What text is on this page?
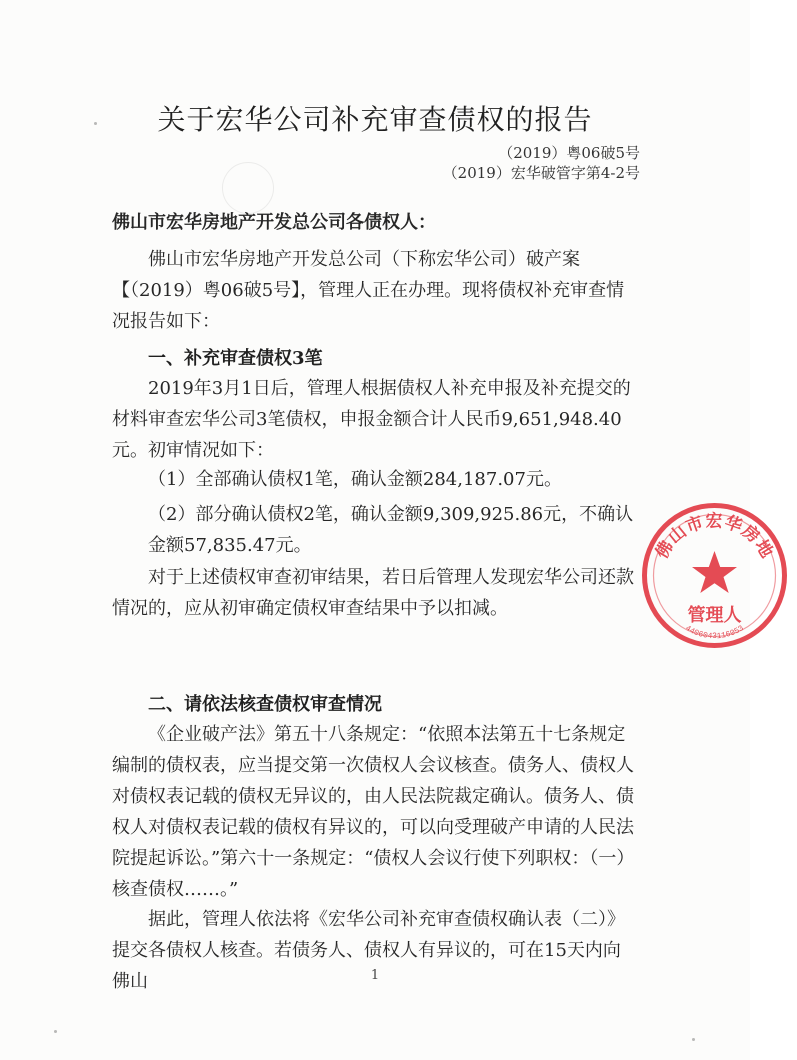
关于宏华公司补充审查债权的报告
（2019）粤06破5号
（2019）宏华破管字第4-2号
佛山市宏华房地产开发总公司各债权人：
佛山市宏华房地产开发总公司（下称宏华公司）破产案【（2019）粤06破5号】，管理人正在办理。现将债权补充审查情况报告如下：
一、补充审查债权3笔
2019年3月1日后，管理人根据债权人补充申报及补充提交的材料审查宏华公司3笔债权，申报金额合计人民币9,651,948.40元。初审情况如下：
（1）全部确认债权1笔，确认金额284,187.07元。
（2）部分确认债权2笔，确认金额9,309,925.86元，不确认金额57,835.47元。
对于上述债权审查初审结果，若日后管理人发现宏华公司还款情况的，应从初审确定债权审查结果中予以扣减。
二、请依法核查债权审查情况
《企业破产法》第五十八条规定：“依照本法第五十七条规定编制的债权表，应当提交第一次债权人会议核查。债务人、债权人对债权表记载的债权无异议的，由人民法院裁定确认。债务人、债权人对债权表记载的债权有异议的，可以向受理破产申请的人民法院提起诉讼。”第六十一条规定：“债权人会议行使下列职权：（一）核查债权……。”
据此，管理人依法将《宏华公司补充审查债权确认表（二）》提交各债权人核查。若债务人、债权人有异议的，可在15天内向佛山	1
佛山市宏华房地
4406043116053
管理人
